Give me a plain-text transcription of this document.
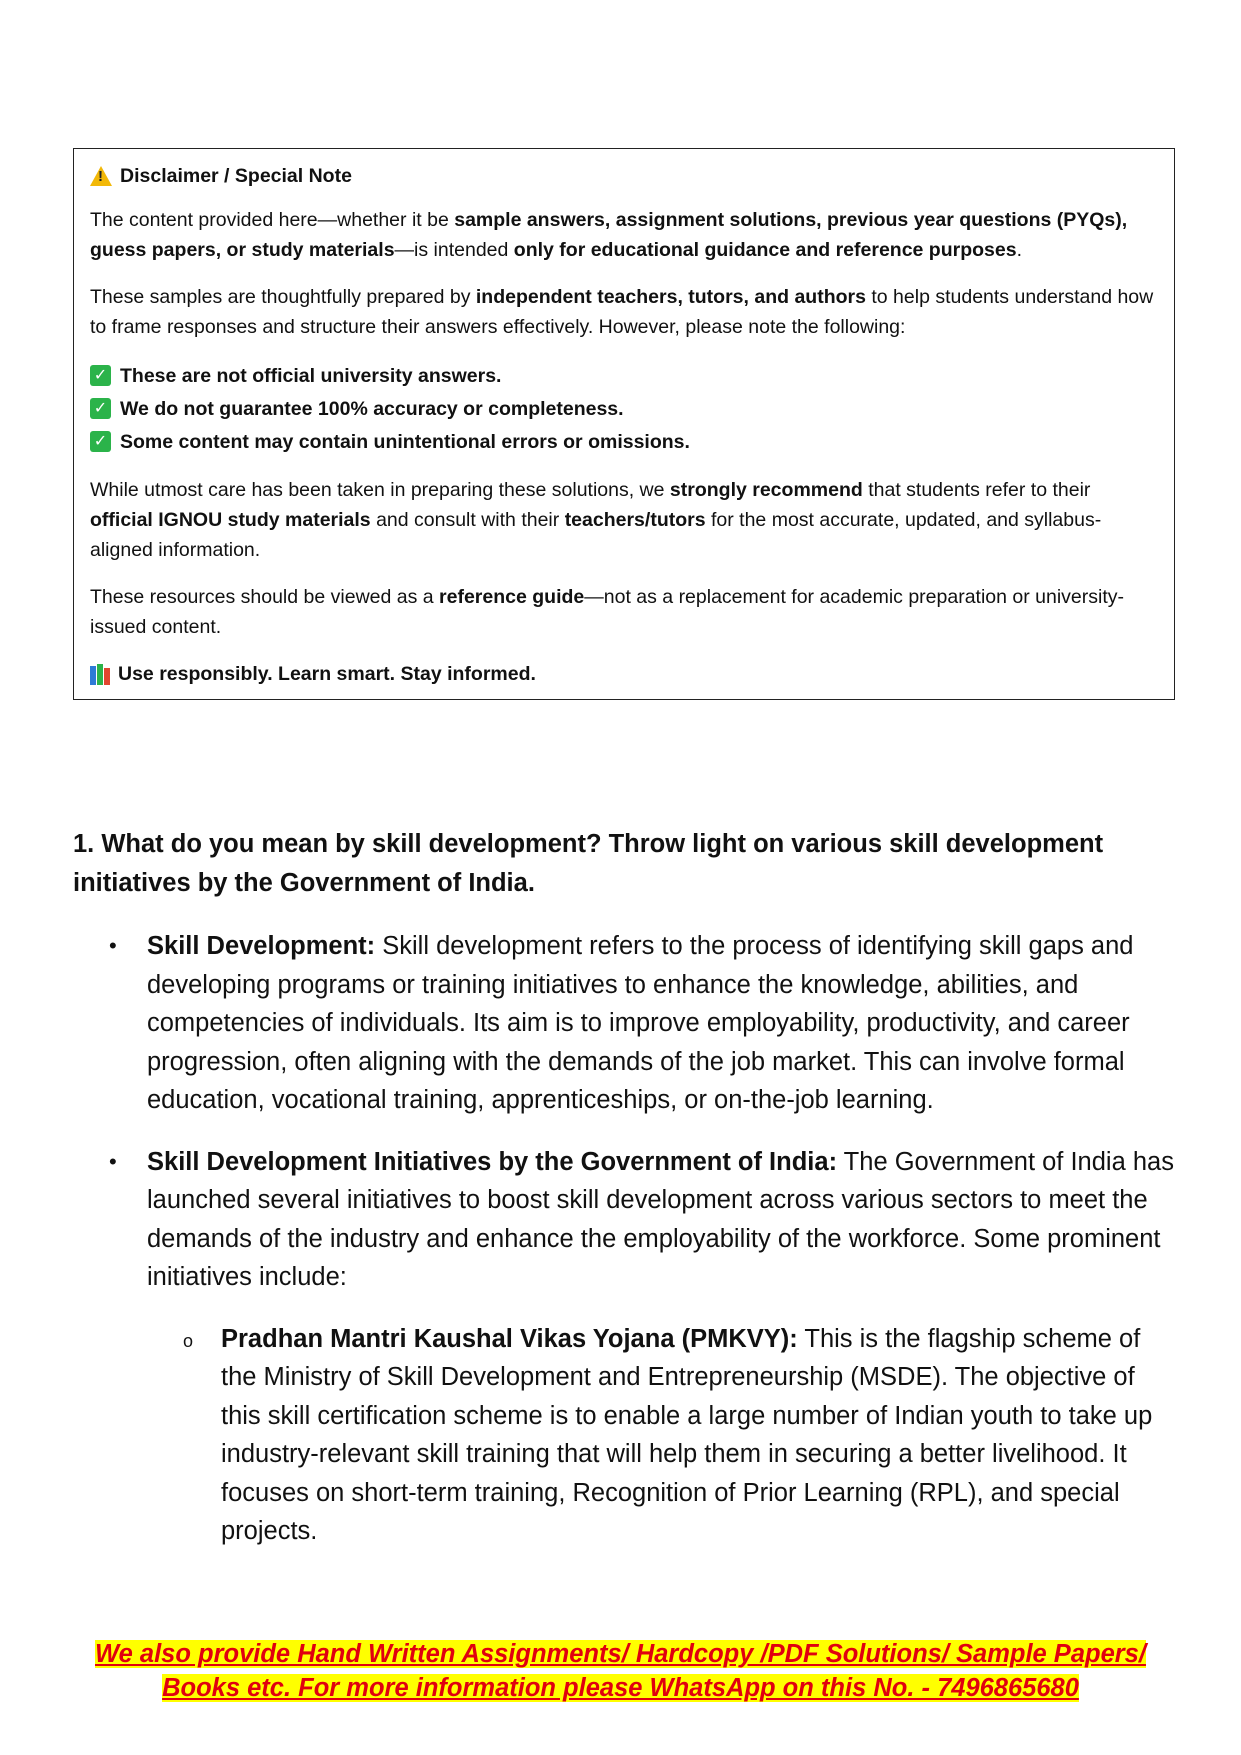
!
Disclaimer / Special Note

The content provided here—whether it be sample answers, assignment solutions, previous year questions (PYQs), guess papers, or study materials—is intended only for educational guidance and reference purposes.

These samples are thoughtfully prepared by independent teachers, tutors, and authors to help students understand how to frame responses and structure their answers effectively. However, please note the following:

✓ These are not official university answers.
✓ We do not guarantee 100% accuracy or completeness.
✓ Some content may contain unintentional errors or omissions.

While utmost care has been taken in preparing these solutions, we strongly recommend that students refer to their official IGNOU study materials and consult with their teachers/tutors for the most accurate, updated, and syllabus-aligned information.

These resources should be viewed as a reference guide—not as a replacement for academic preparation or university-issued content.

Use responsibly. Learn smart. Stay informed.

1. What do you mean by skill development? Throw light on various skill development initiatives by the Government of India.

• Skill Development: Skill development refers to the process of identifying skill gaps and developing programs or training initiatives to enhance the knowledge, abilities, and competencies of individuals. Its aim is to improve employability, productivity, and career progression, often aligning with the demands of the job market. This can involve formal education, vocational training, apprenticeships, or on-the-job learning.
• Skill Development Initiatives by the Government of India: The Government of India has launched several initiatives to boost skill development across various sectors to meet the demands of the industry and enhance the employability of the workforce. Some prominent initiatives include:
o Pradhan Mantri Kaushal Vikas Yojana (PMKVY): This is the flagship scheme of the Ministry of Skill Development and Entrepreneurship (MSDE). The objective of this skill certification scheme is to enable a large number of Indian youth to take up industry-relevant skill training that will help them in securing a better livelihood. It focuses on short-term training, Recognition of Prior Learning (RPL), and special projects.
We also provide Hand Written Assignments/ Hardcopy /PDF Solutions/ Sample Papers/
Books etc. For more information please WhatsApp on this No. - 7496865680
